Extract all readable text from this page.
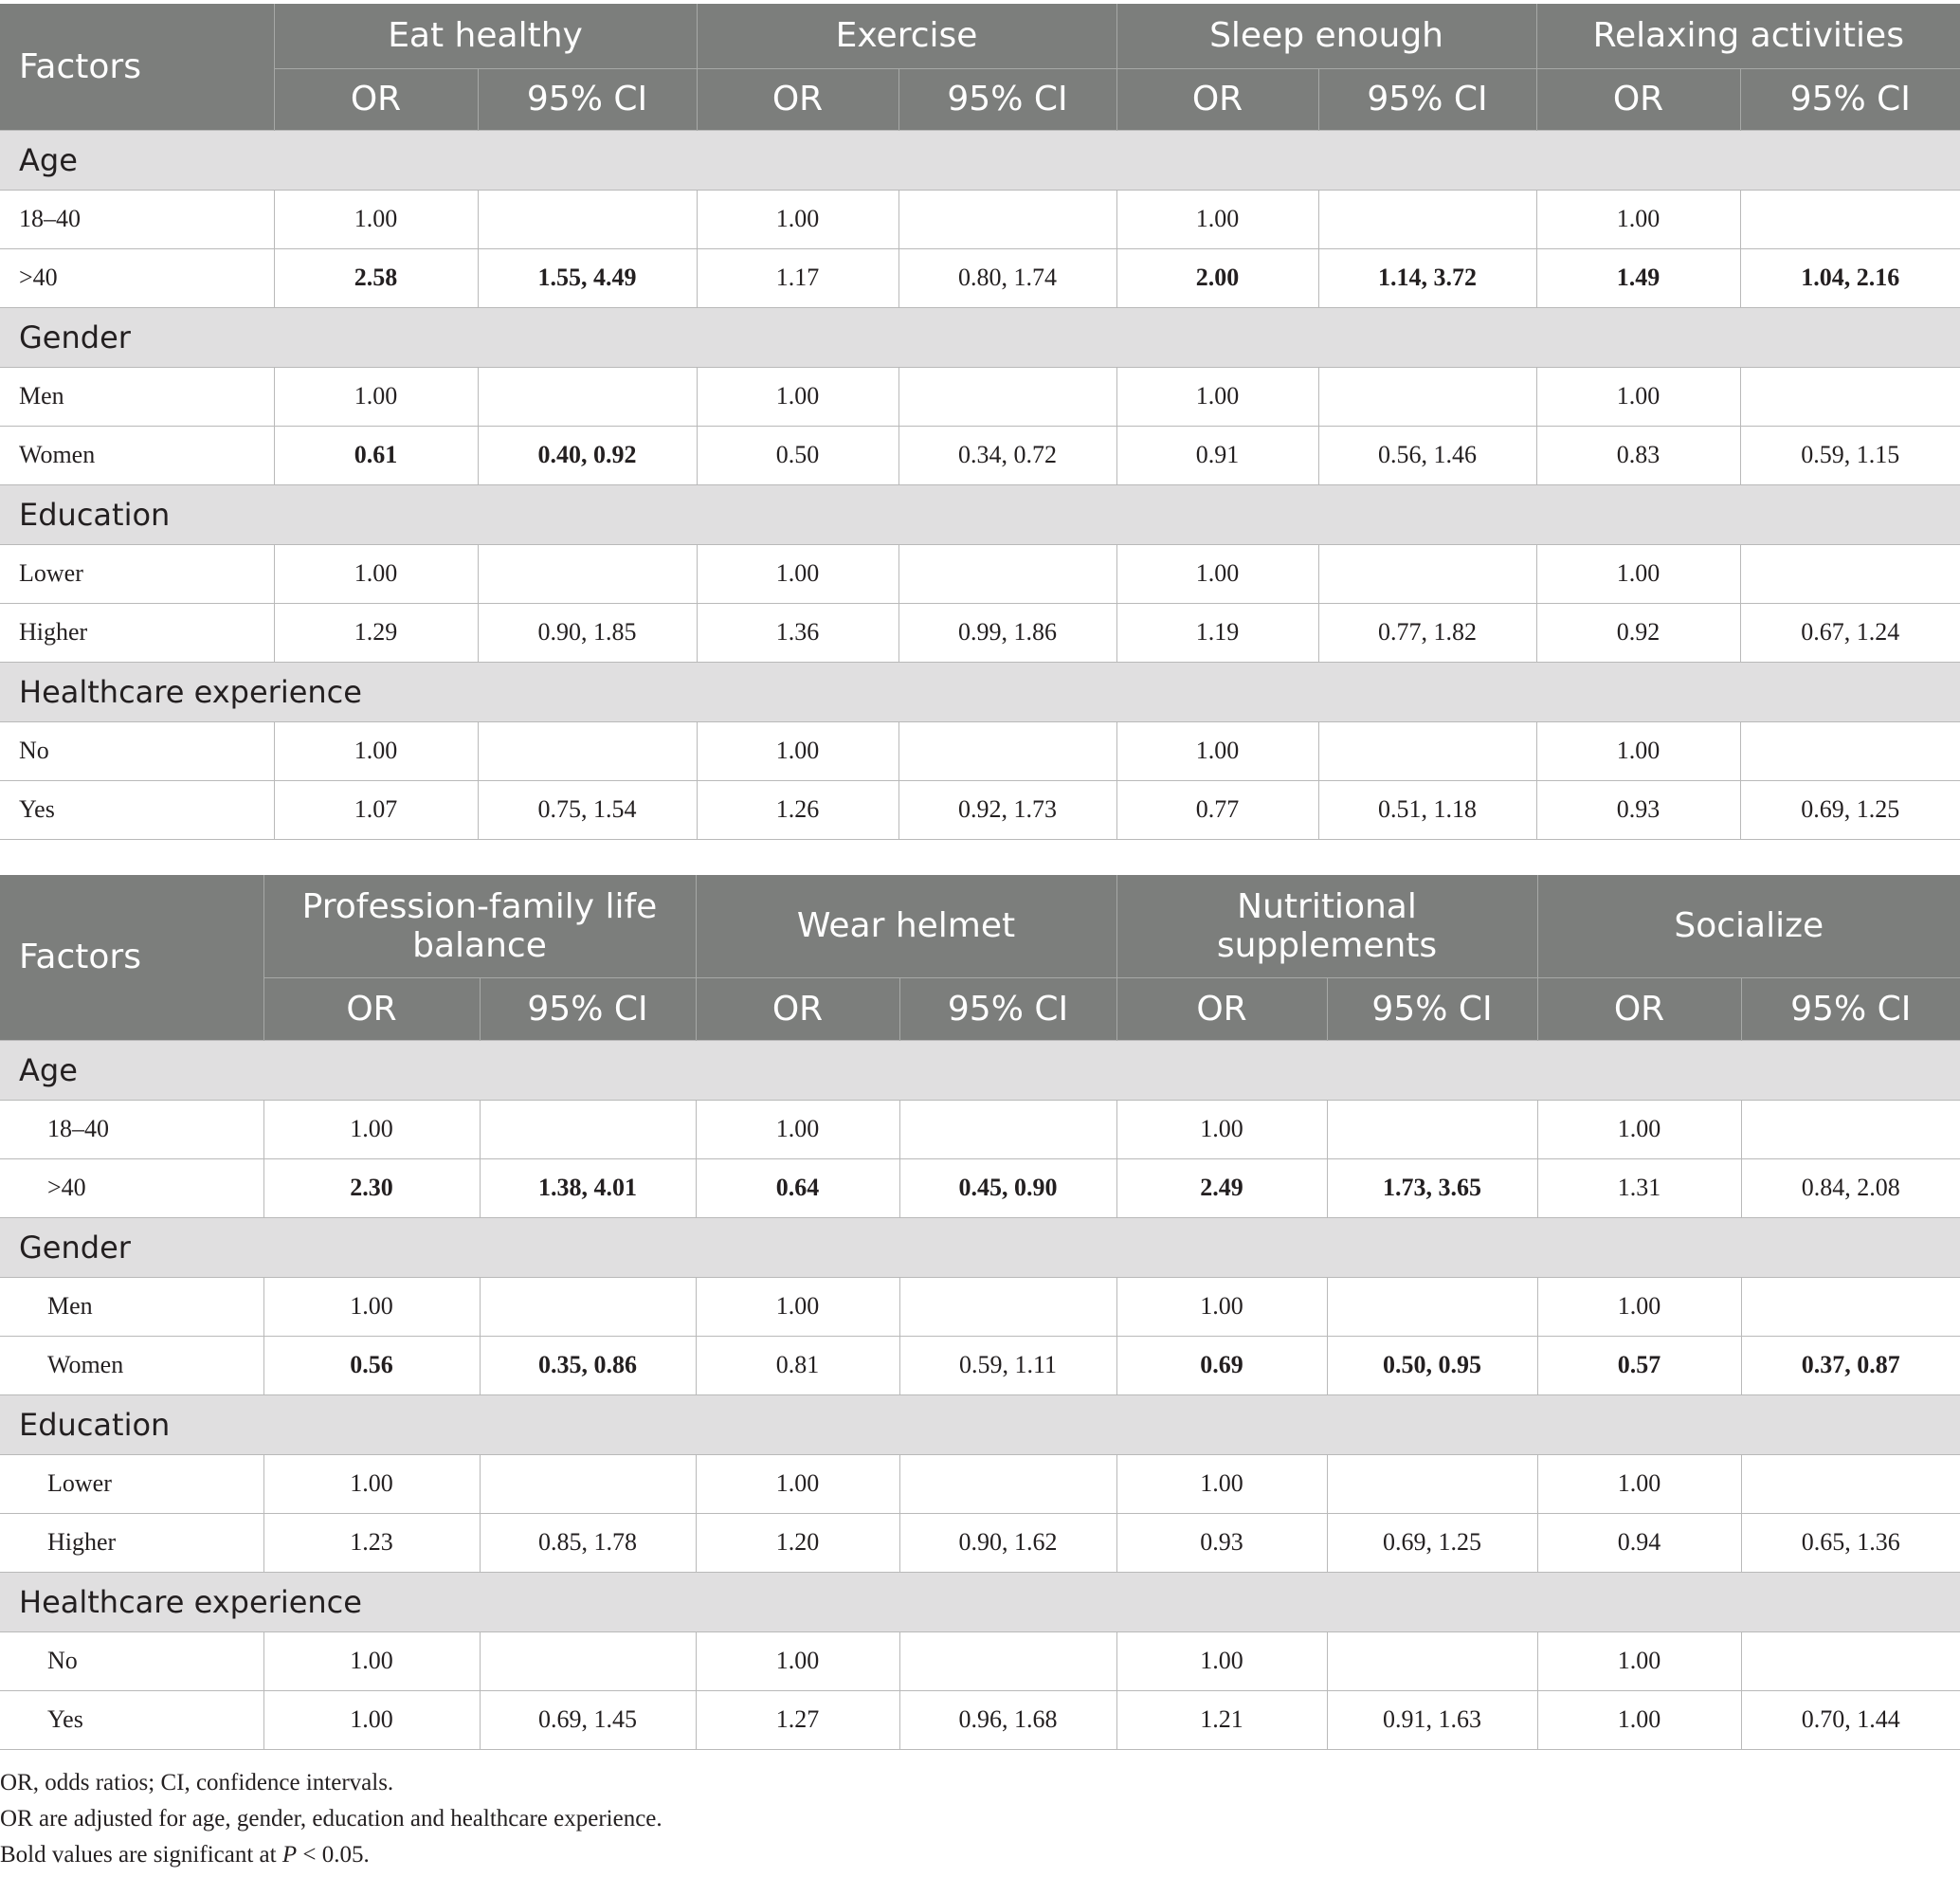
Factors	Eat healthy		Exercise		Sleep enough		Relaxing activities	
	OR	95% CI	OR	95% CI	OR	95% CI	OR	95% CI
Age								
18–40	1.00		1.00		1.00		1.00	
>40	2.58	1.55, 4.49	1.17	0.80, 1.74	2.00	1.14, 3.72	1.49	1.04, 2.16
Gender								
Men	1.00		1.00		1.00		1.00	
Women	0.61	0.40, 0.92	0.50	0.34, 0.72	0.91	0.56, 1.46	0.83	0.59, 1.15
Education								
Lower	1.00		1.00		1.00		1.00	
Higher	1.29	0.90, 1.85	1.36	0.99, 1.86	1.19	0.77, 1.82	0.92	0.67, 1.24
Healthcare experience								
No	1.00		1.00		1.00		1.00	
Yes	1.07	0.75, 1.54	1.26	0.92, 1.73	0.77	0.51, 1.18	0.93	0.69, 1.25
Factors	Profession-family life balance		Wear helmet		Nutritional supplements		Socialize	
	OR	95% CI	OR	95% CI	OR	95% CI	OR	95% CI
Age								
18–40	1.00		1.00		1.00		1.00	
>40	2.30	1.38, 4.01	0.64	0.45, 0.90	2.49	1.73, 3.65	1.31	0.84, 2.08
Gender								
Men	1.00		1.00		1.00		1.00	
Women	0.56	0.35, 0.86	0.81	0.59, 1.11	0.69	0.50, 0.95	0.57	0.37, 0.87
Education								
Lower	1.00		1.00		1.00		1.00	
Higher	1.23	0.85, 1.78	1.20	0.90, 1.62	0.93	0.69, 1.25	0.94	0.65, 1.36
Healthcare experience								
No	1.00		1.00		1.00		1.00	
Yes	1.00	0.69, 1.45	1.27	0.96, 1.68	1.21	0.91, 1.63	1.00	0.70, 1.44
OR, odds ratios; CI, confidence intervals.
OR are adjusted for age, gender, education and healthcare experience.
Bold values are significant at P < 0.05.
